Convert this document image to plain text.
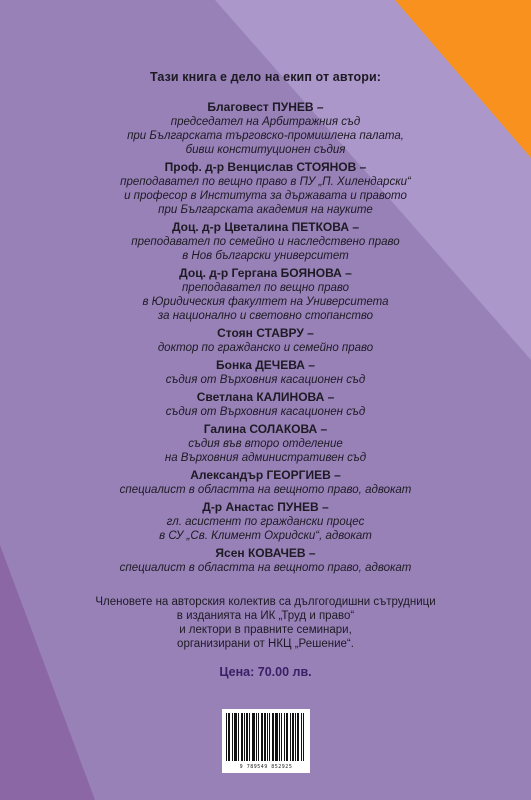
Тази книга е дело на екип от автори:
Благовест ПУНЕВ –
председател на Арбитражния съд
при Българската търговско-промишлена палата,
бивш конституционен съдия
Проф. д-р Венцислав СТОЯНОВ –
преподавател по вещно право в ПУ „П. Хилендарски“
и професор в Института за държавата и правото
при Българската академия на науките
Доц. д-р Цветалина ПЕТКОВА –
преподавател по семейно и наследствено право
в Нов български университет
Доц. д-р Гергана БОЯНОВА –
преподавател по вещно право
в Юридическия факултет на Университета
за национално и световно стопанство
Стоян СТАВРУ –
доктор по гражданско и семейно право
Бонка ДЕЧЕВА –
съдия от Върховния касационен съд
Светлана КАЛИНОВА –
съдия от Върховния касационен съд
Галина СОЛАКОВА –
съдия във второ отделение
на Върховния административен съд
Александър ГЕОРГИЕВ –
специалист в областта на вещното право, адвокат
Д-р Анастас ПУНЕВ –
гл. асистент по граждански процес
в СУ „Св. Климент Охридски“, адвокат
Ясен КОВАЧЕВ –
специалист в областта на вещното право, адвокат
Членовете на авторския колектив са дългогодишни сътрудници
в изданията на ИК „Труд и право“
и лектори в правните семинари,
организирани от НКЦ „Решение“.
Цена: 70.00 лв.
9 789549 852925
